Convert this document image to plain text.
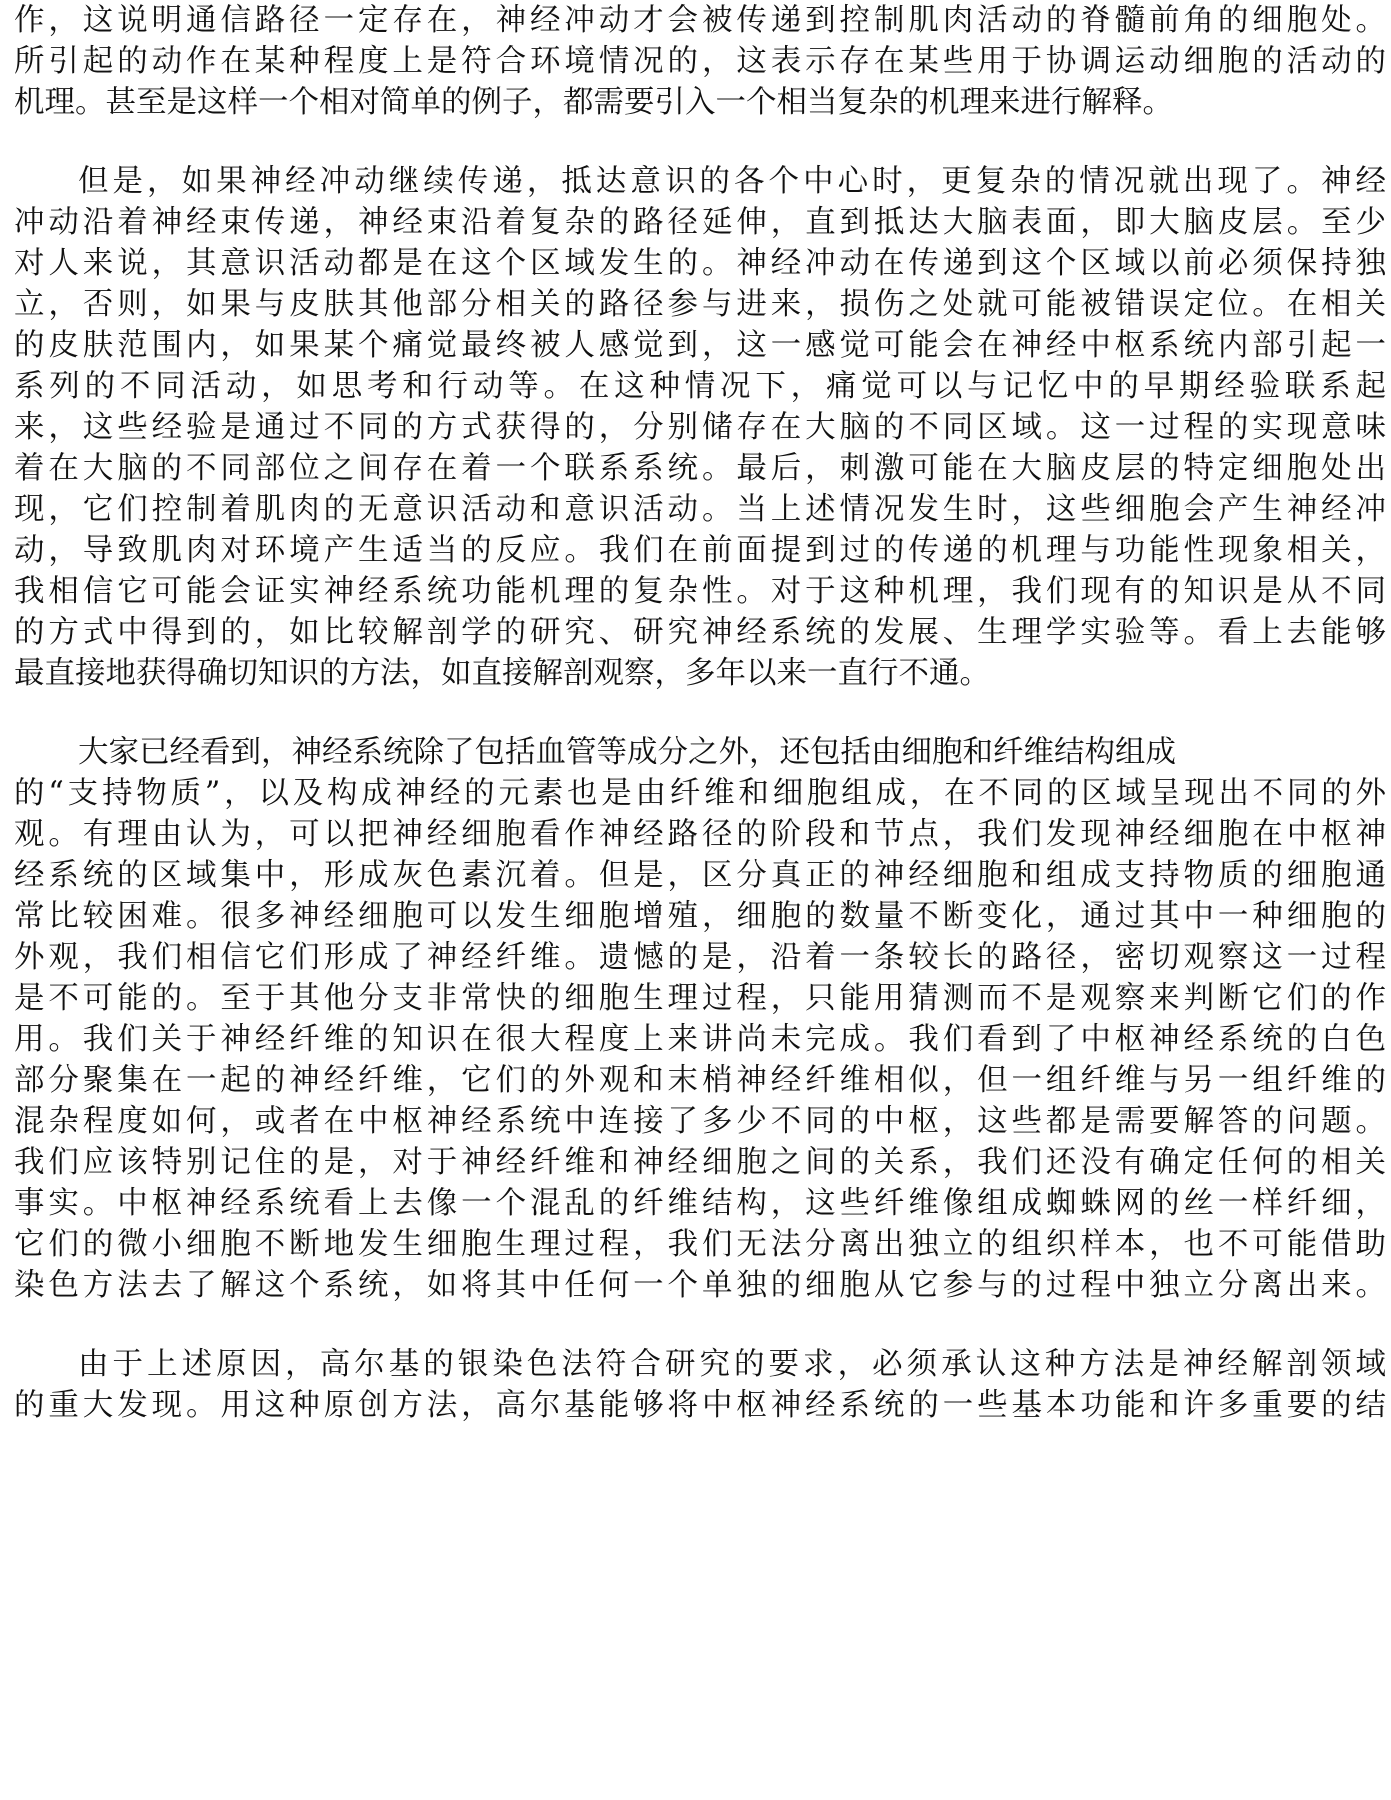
作，这说明通信路径一定存在，神经冲动才会被传递到控制肌肉活动的脊髓前角的细胞处。
所引起的动作在某种程度上是符合环境情况的，这表示存在某些用于协调运动细胞的活动的
机理。甚至是这样一个相对简单的例子，都需要引入一个相当复杂的机理来进行解释。
但是，如果神经冲动继续传递，抵达意识的各个中心时，更复杂的情况就出现了。神经
冲动沿着神经束传递，神经束沿着复杂的路径延伸，直到抵达大脑表面，即大脑皮层。至少
对人来说，其意识活动都是在这个区域发生的。神经冲动在传递到这个区域以前必须保持独
立，否则，如果与皮肤其他部分相关的路径参与进来，损伤之处就可能被错误定位。在相关
的皮肤范围内，如果某个痛觉最终被人感觉到，这一感觉可能会在神经中枢系统内部引起一
系列的不同活动，如思考和行动等。在这种情况下，痛觉可以与记忆中的早期经验联系起
来，这些经验是通过不同的方式获得的，分别储存在大脑的不同区域。这一过程的实现意味
着在大脑的不同部位之间存在着一个联系系统。最后，刺激可能在大脑皮层的特定细胞处出
现，它们控制着肌肉的无意识活动和意识活动。当上述情况发生时，这些细胞会产生神经冲
动，导致肌肉对环境产生适当的反应。我们在前面提到过的传递的机理与功能性现象相关，
我相信它可能会证实神经系统功能机理的复杂性。对于这种机理，我们现有的知识是从不同
的方式中得到的，如比较解剖学的研究、研究神经系统的发展、生理学实验等。看上去能够
最直接地获得确切知识的方法，如直接解剖观察，多年以来一直行不通。
大家已经看到，神经系统除了包括血管等成分之外，还包括由细胞和纤维结构组成
的“支持物质”，以及构成神经的元素也是由纤维和细胞组成，在不同的区域呈现出不同的外
观。有理由认为，可以把神经细胞看作神经路径的阶段和节点，我们发现神经细胞在中枢神
经系统的区域集中，形成灰色素沉着。但是，区分真正的神经细胞和组成支持物质的细胞通
常比较困难。很多神经细胞可以发生细胞增殖，细胞的数量不断变化，通过其中一种细胞的
外观，我们相信它们形成了神经纤维。遗憾的是，沿着一条较长的路径，密切观察这一过程
是不可能的。至于其他分支非常快的细胞生理过程，只能用猜测而不是观察来判断它们的作
用。我们关于神经纤维的知识在很大程度上来讲尚未完成。我们看到了中枢神经系统的白色
部分聚集在一起的神经纤维，它们的外观和末梢神经纤维相似，但一组纤维与另一组纤维的
混杂程度如何，或者在中枢神经系统中连接了多少不同的中枢，这些都是需要解答的问题。
我们应该特别记住的是，对于神经纤维和神经细胞之间的关系，我们还没有确定任何的相关
事实。中枢神经系统看上去像一个混乱的纤维结构，这些纤维像组成蜘蛛网的丝一样纤细，
它们的微小细胞不断地发生细胞生理过程，我们无法分离出独立的组织样本，也不可能借助
染色方法去了解这个系统，如将其中任何一个单独的细胞从它参与的过程中独立分离出来。
由于上述原因，高尔基的银染色法符合研究的要求，必须承认这种方法是神经解剖领域
的重大发现。用这种原创方法，高尔基能够将中枢神经系统的一些基本功能和许多重要的结
